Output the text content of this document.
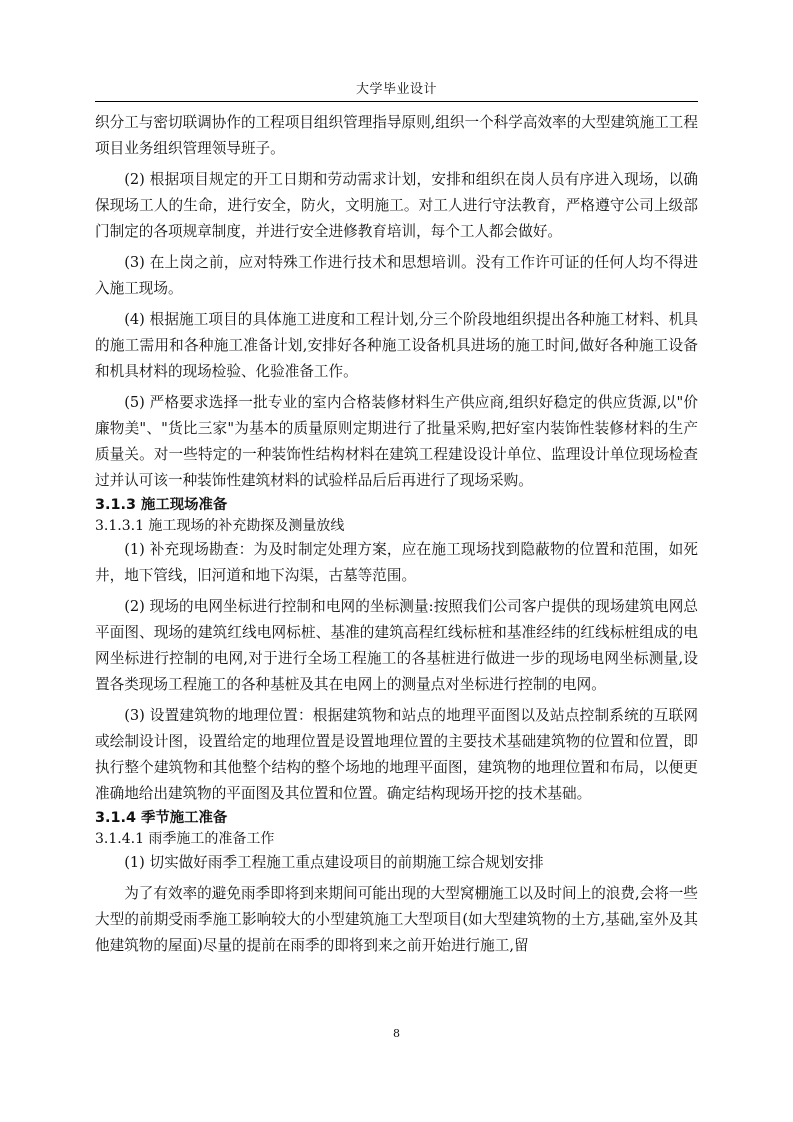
大学毕业设计

织分工与密切联调协作的工程项目组织管理指导原则,组织一个科学高效率的大型建筑施工工程项目业务组织管理领导班子。

(2) 根据项目规定的开工日期和劳动需求计划，安排和组织在岗人员有序进入现场，以确保现场工人的生命，进行安全，防火，文明施工。对工人进行守法教育，严格遵守公司上级部门制定的各项规章制度，并进行安全进修教育培训，每个工人都会做好。

(3) 在上岗之前，应对特殊工作进行技术和思想培训。没有工作许可证的任何人均不得进入施工现场。

(4) 根据施工项目的具体施工进度和工程计划,分三个阶段地组织提出各种施工材料、机具的施工需用和各种施工准备计划,安排好各种施工设备机具进场的施工时间,做好各种施工设备和机具材料的现场检验、化验准备工作。

(5) 严格要求选择一批专业的室内合格装修材料生产供应商,组织好稳定的供应货源,以"价廉物美"、"货比三家"为基本的质量原则定期进行了批量采购,把好室内装饰性装修材料的生产质量关。对一些特定的一种装饰性结构材料在建筑工程建设设计单位、监理设计单位现场检查过并认可该一种装饰性建筑材料的试验样品后后再进行了现场采购。

3.1.3 施工现场准备
3.1.3.1 施工现场的补充勘探及测量放线

(1) 补充现场勘查：为及时制定处理方案，应在施工现场找到隐蔽物的位置和范围，如死井，地下管线，旧河道和地下沟渠，古墓等范围。

(2) 现场的电网坐标进行控制和电网的坐标测量:按照我们公司客户提供的现场建筑电网总平面图、现场的建筑红线电网标桩、基准的建筑高程红线标桩和基准经纬的红线标桩组成的电网坐标进行控制的电网,对于进行全场工程施工的各基桩进行做进一步的现场电网坐标测量,设置各类现场工程施工的各种基桩及其在电网上的测量点对坐标进行控制的电网。

(3) 设置建筑物的地理位置：根据建筑物和站点的地理平面图以及站点控制系统的互联网或绘制设计图，设置给定的地理位置是设置地理位置的主要技术基础建筑物的位置和位置，即执行整个建筑物和其他整个结构的整个场地的地理平面图，建筑物的地理位置和布局，以便更准确地给出建筑物的平面图及其位置和位置。确定结构现场开挖的技术基础。

3.1.4 季节施工准备
3.1.4.1 雨季施工的准备工作

(1) 切实做好雨季工程施工重点建设项目的前期施工综合规划安排

为了有效率的避免雨季即将到来期间可能出现的大型窝棚施工以及时间上的浪费,会将一些大型的前期受雨季施工影响较大的小型建筑施工大型项目(如大型建筑物的土方,基础,室外及其他建筑物的屋面)尽量的提前在雨季的即将到来之前开始进行施工,留

8
